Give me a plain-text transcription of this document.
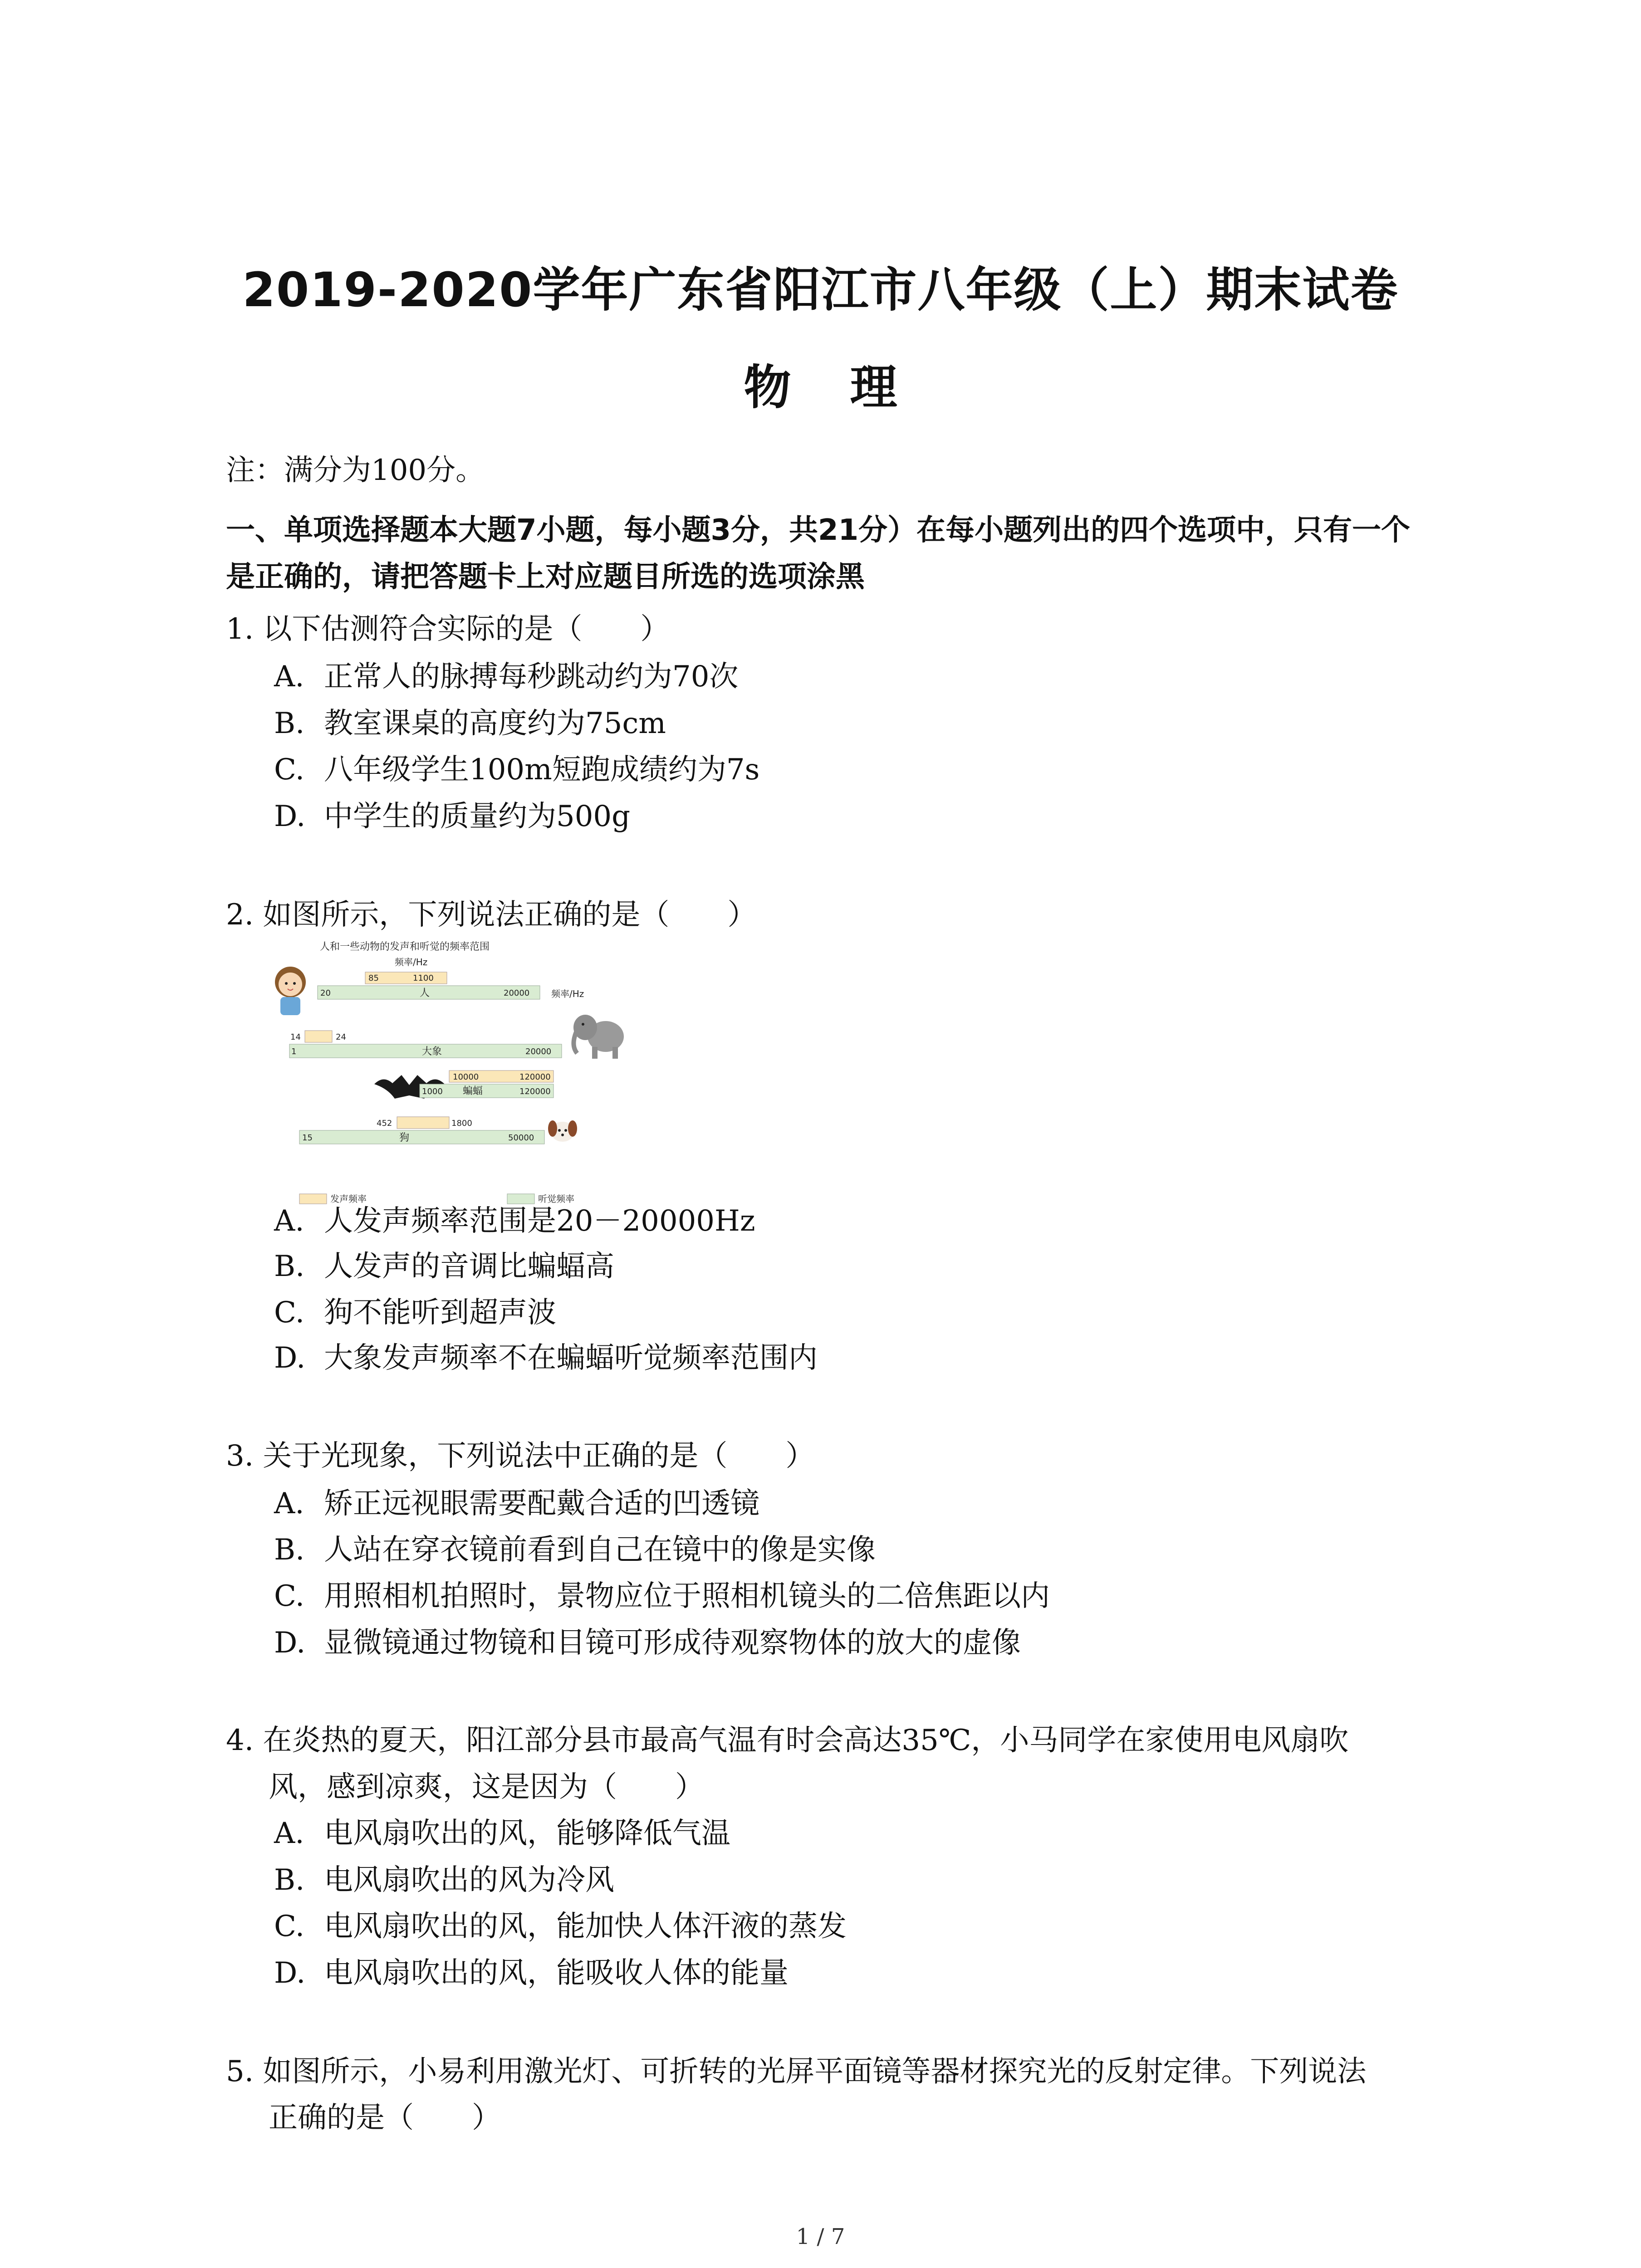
2019-2020学年广东省阳江市八年级（上）期末试卷
物理
注：满分为100分。
一、单项选择题本大题7小题，每小题3分，共21分）在每小题列出的四个选项中，只有一个
是正确的，请把答题卡上对应题目所选的选项涂黑
1. 以下估测符合实际的是（　　）
A. 正常人的脉搏每秒跳动约为70次
B. 教室课桌的高度约为75cm
C. 八年级学生100m短跑成绩约为7s
D. 中学生的质量约为500g
2. 如图所示，下列说法正确的是（　　）
人和一些动物的发声和听觉的频率范围
频率/Hz
85	1100
20	人	20000 频率/Hz
14	24
1	大象	20000
10000	120000
1000 蝙蝠	120000
452	1800
15	狗	50000
发声频率	听觉频率
A. 人发声频率范围是20－20000Hz
B. 人发声的音调比蝙蝠高
C. 狗不能听到超声波
D. 大象发声频率不在蝙蝠听觉频率范围内
3. 关于光现象，下列说法中正确的是（　　）
A. 矫正远视眼需要配戴合适的凹透镜
B. 人站在穿衣镜前看到自己在镜中的像是实像
C. 用照相机拍照时，景物应位于照相机镜头的二倍焦距以内
D. 显微镜通过物镜和目镜可形成待观察物体的放大的虚像
4. 在炎热的夏天，阳江部分县市最高气温有时会高达35℃，小马同学在家使用电风扇吹
风，感到凉爽，这是因为（　　）
A. 电风扇吹出的风，能够降低气温
B. 电风扇吹出的风为冷风
C. 电风扇吹出的风，能加快人体汗液的蒸发
D. 电风扇吹出的风，能吸收人体的能量
5. 如图所示，小易利用激光灯、可折转的光屏平面镜等器材探究光的反射定律。下列说法
正确的是（　　）
1 / 7
